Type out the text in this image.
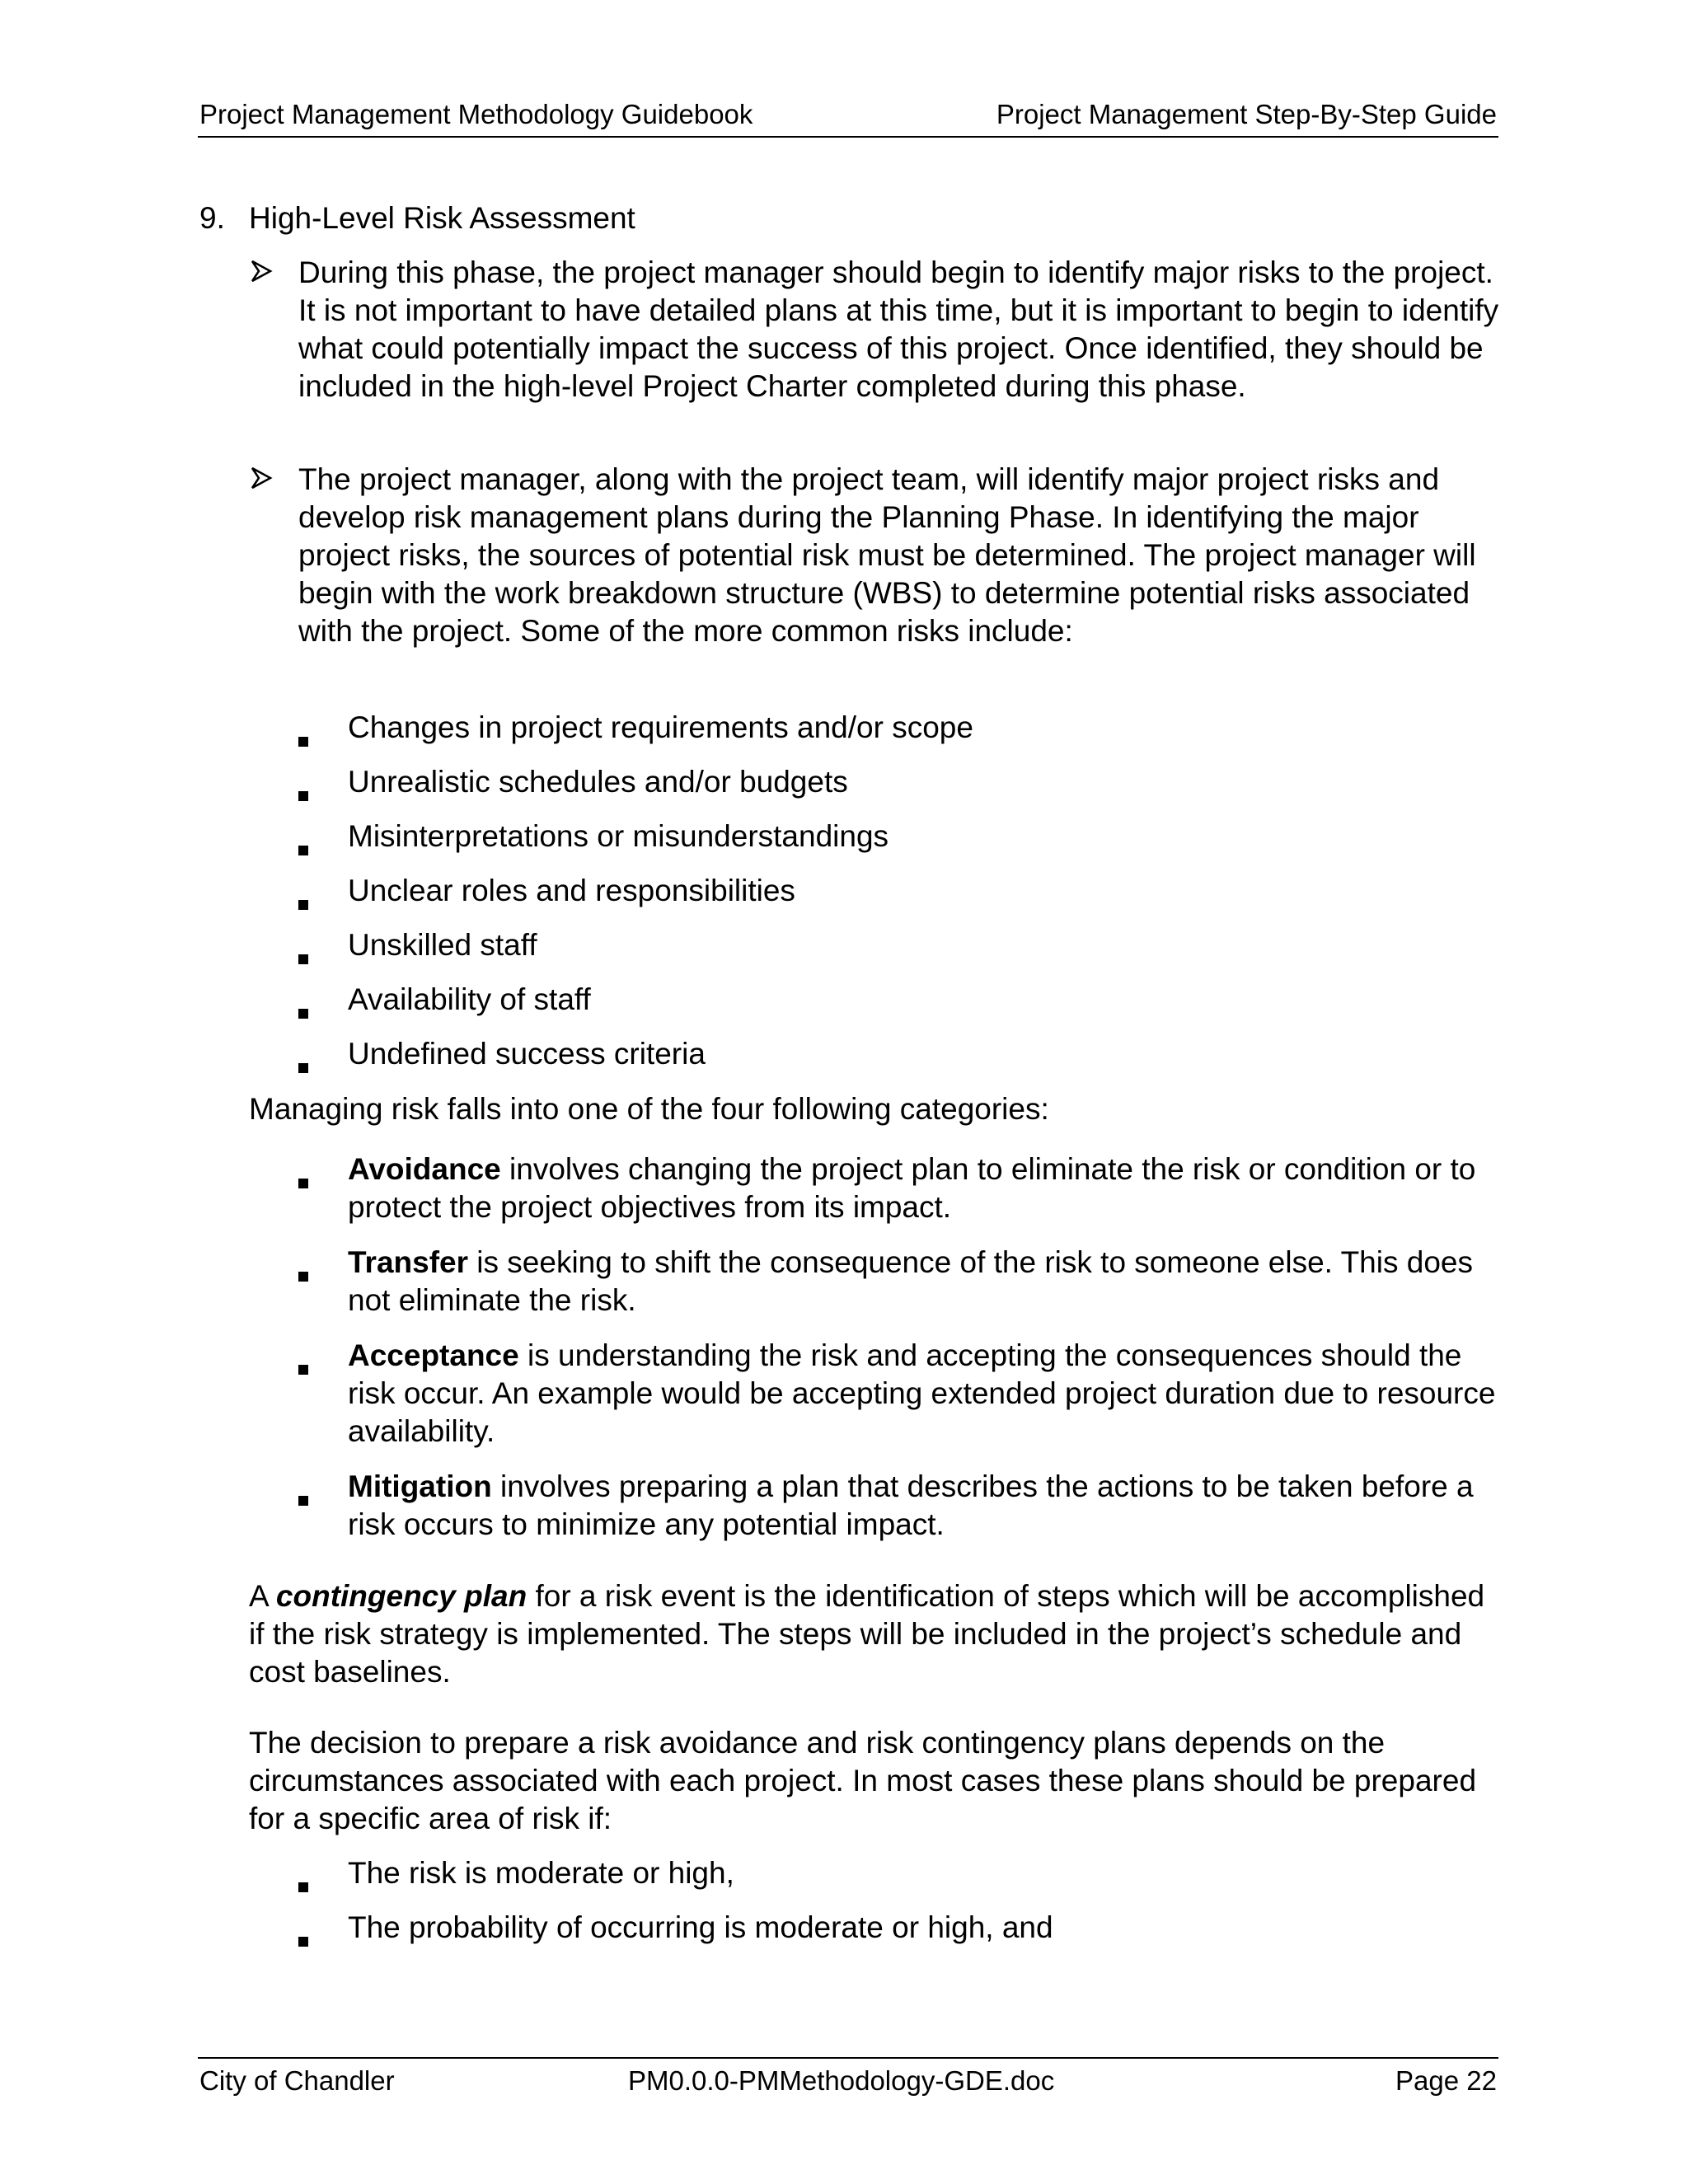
Project Management Methodology Guidebook	Project Management Step-By-Step Guide
9. High-Level Risk Assessment
During this phase, the project manager should begin to identify major risks to the project. It is not important to have detailed plans at this time, but it is important to begin to identify what could potentially impact the success of this project. Once identified, they should be included in the high-level Project Charter completed during this phase.
The project manager, along with the project team, will identify major project risks and develop risk management plans during the Planning Phase. In identifying the major project risks, the sources of potential risk must be determined. The project manager will begin with the work breakdown structure (WBS) to determine potential risks associated with the project. Some of the more common risks include:
Changes in project requirements and/or scope
Unrealistic schedules and/or budgets
Misinterpretations or misunderstandings
Unclear roles and responsibilities
Unskilled staff
Availability of staff
Undefined success criteria
Managing risk falls into one of the four following categories:
Avoidance involves changing the project plan to eliminate the risk or condition or to protect the project objectives from its impact.
Transfer is seeking to shift the consequence of the risk to someone else. This does not eliminate the risk.
Acceptance is understanding the risk and accepting the consequences should the risk occur. An example would be accepting extended project duration due to resource availability.
Mitigation involves preparing a plan that describes the actions to be taken before a risk occurs to minimize any potential impact.
A contingency plan for a risk event is the identification of steps which will be accomplished if the risk strategy is implemented. The steps will be included in the project’s schedule and cost baselines.
The decision to prepare a risk avoidance and risk contingency plans depends on the circumstances associated with each project. In most cases these plans should be prepared for a specific area of risk if:
The risk is moderate or high,
The probability of occurring is moderate or high, and
City of Chandler	PM0.0.0-PMMethodology-GDE.doc	Page 22
